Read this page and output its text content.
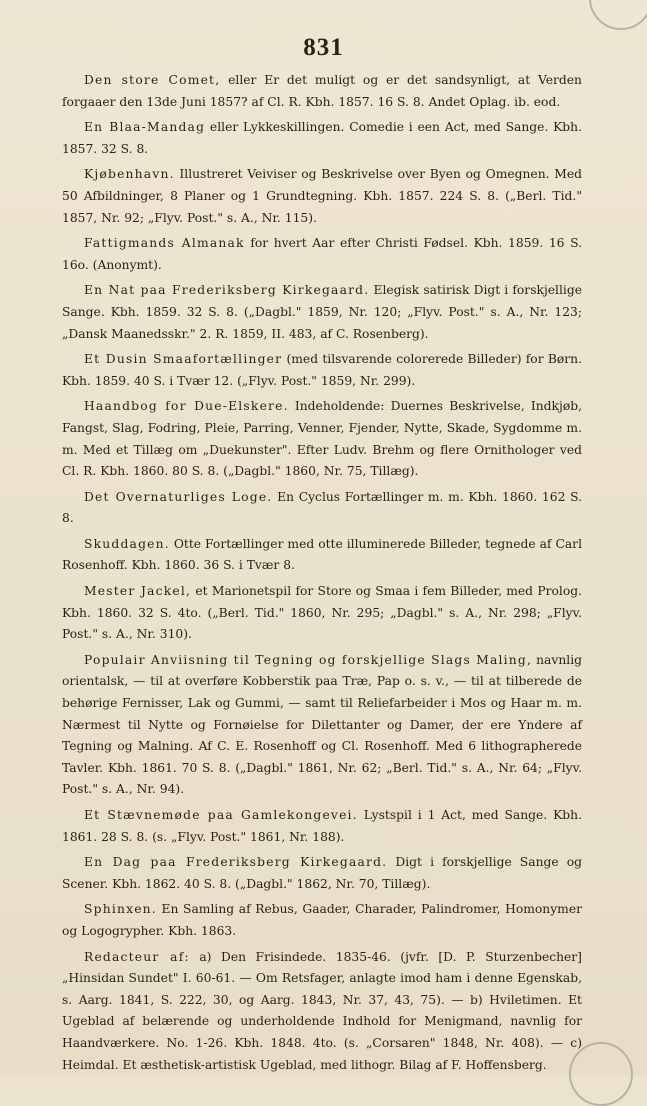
831

Den store Comet, eller Er det muligt og er det sandsynligt, at Verden forgaaer den 13de Juni 1857? af Cl. R. Kbh. 1857. 16 S. 8. Andet Oplag. ib. eod.

En Blaa-Mandag eller Lykkeskillingen. Comedie i een Act, med Sange. Kbh. 1857. 32 S. 8.

Kjøbenhavn. Illustreret Veiviser og Beskrivelse over Byen og Omegnen. Med 50 Afbildninger, 8 Planer og 1 Grundtegning. Kbh. 1857. 224 S. 8. („Berl. Tid." 1857, Nr. 92; „Flyv. Post." s. A., Nr. 115).

Fattigmands Almanak for hvert Aar efter Christi Fødsel. Kbh. 1859. 16 S. 16o. (Anonymt).

En Nat paa Frederiksberg Kirkegaard. Elegisk satirisk Digt i forskjellige Sange. Kbh. 1859. 32 S. 8. („Dagbl." 1859, Nr. 120; „Flyv. Post." s. A., Nr. 123; „Dansk Maanedsskr." 2. R. 1859, II. 483, af C. Rosenberg).

Et Dusin Smaafortællinger (med tilsvarende colorerede Billeder) for Børn. Kbh. 1859. 40 S. i Tvær 12. („Flyv. Post." 1859, Nr. 299).

Haandbog for Due-Elskere. Indeholdende: Duernes Beskrivelse, Indkjøb, Fangst, Slag, Fodring, Pleie, Parring, Venner, Fjender, Nytte, Skade, Sygdomme m. m. Med et Tillæg om „Duekunster". Efter Ludv. Brehm og flere Ornithologer ved Cl. R. Kbh. 1860. 80 S. 8. („Dagbl." 1860, Nr. 75, Tillæg).

Det Overnaturliges Loge. En Cyclus Fortællinger m. m. Kbh. 1860. 162 S. 8.

Skuddagen. Otte Fortællinger med otte illuminerede Billeder, tegnede af Carl Rosenhoff. Kbh. 1860. 36 S. i Tvær 8.

Mester Jackel, et Marionetspil for Store og Smaa i fem Billeder, med Prolog. Kbh. 1860. 32 S. 4to. („Berl. Tid." 1860, Nr. 295; „Dagbl." s. A., Nr. 298; „Flyv. Post." s. A., Nr. 310).

Populair Anviisning til Tegning og forskjellige Slags Maling, navnlig orientalsk, — til at overføre Kobberstik paa Træ, Pap o. s. v., — til at tilberede de behørige Fernisser, Lak og Gummi, — samt til Reliefarbeider i Mos og Haar m. m. Nærmest til Nytte og Fornøielse for Dilettanter og Damer, der ere Yndere af Tegning og Malning. Af C. E. Rosenhoff og Cl. Rosenhoff. Med 6 lithographerede Tavler. Kbh. 1861. 70 S. 8. („Dagbl." 1861, Nr. 62; „Berl. Tid." s. A., Nr. 64; „Flyv. Post." s. A., Nr. 94).

Et Stævnemøde paa Gamlekongevei. Lystspil i 1 Act, med Sange. Kbh. 1861. 28 S. 8. (s. „Flyv. Post." 1861, Nr. 188).

En Dag paa Frederiksberg Kirkegaard. Digt i forskjellige Sange og Scener. Kbh. 1862. 40 S. 8. („Dagbl." 1862, Nr. 70, Tillæg).

Sphinxen. En Samling af Rebus, Gaader, Charader, Palindromer, Homonymer og Logogrypher. Kbh. 1863.

Redacteur af: a) Den Frisindede. 1835-46. (jvfr. [D. P. Sturzenbecher] „Hinsidan Sundet" I. 60-61. — Om Retsfager, anlagte imod ham i denne Egenskab, s. Aarg. 1841, S. 222, 30, og Aarg. 1843, Nr. 37, 43, 75). — b) Hviletimen. Et Ugeblad af belærende og underholdende Indhold for Menigmand, navnlig for Haandværkere. No. 1-26. Kbh. 1848. 4to. (s. „Corsaren" 1848, Nr. 408). — c) Heimdal. Et æsthetisk-artistisk Ugeblad, med lithogr. Bilag af F. Hoffensberg.
